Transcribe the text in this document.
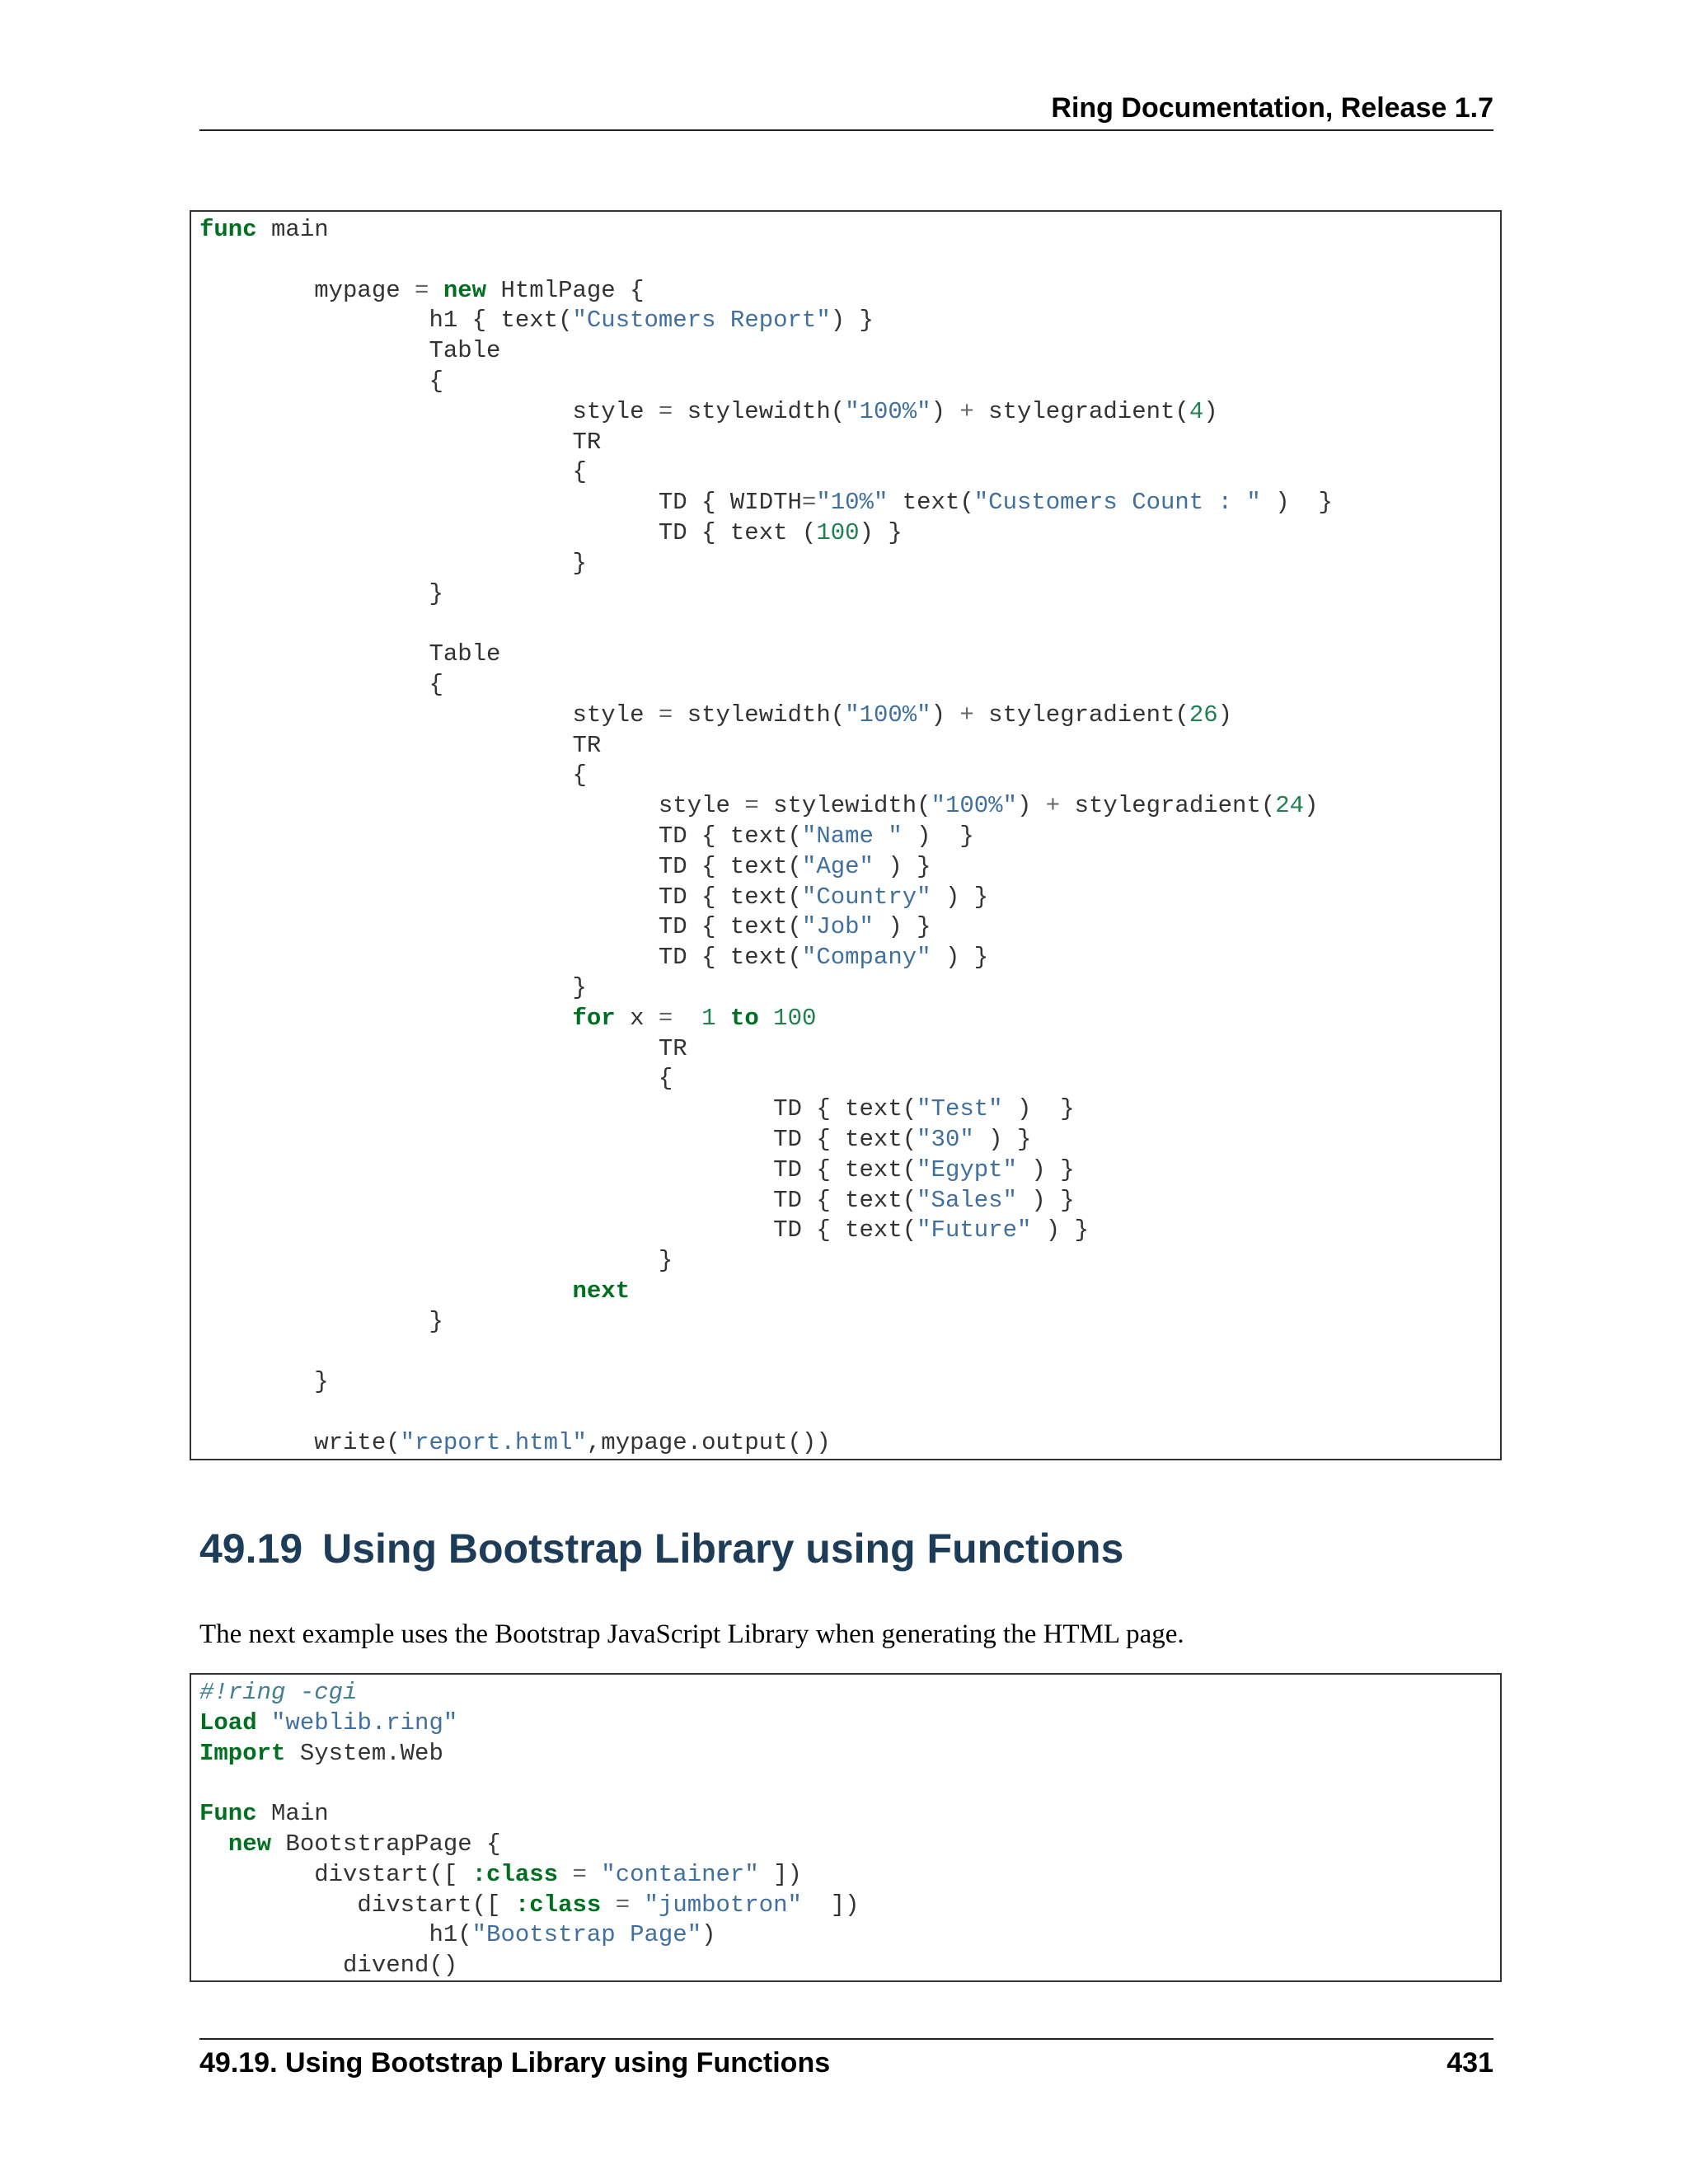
Ring Documentation, Release 1.7
func main

mypage = new HtmlPage {
h1 { text("Customers Report") }
Table
{
style = stylewidth("100%") + stylegradient(4)
TR
{
TD { WIDTH="10%" text("Customers Count : " )  }
TD { text (100) }
}
}

Table
{
style = stylewidth("100%") + stylegradient(26)
TR
{
style = stylewidth("100%") + stylegradient(24)
TD { text("Name " )  }
TD { text("Age" ) }
TD { text("Country" ) }
TD { text("Job" ) }
TD { text("Company" ) }
}
for x = 1 to 100
TR
{
TD { text("Test" )  }
TD { text("30" ) }
TD { text("Egypt" ) }
TD { text("Sales" ) }
TD { text("Future" ) }
}
next
}

}

write("report.html",mypage.output())
49.19 Using Bootstrap Library using Functions
The next example uses the Bootstrap JavaScript Library when generating the HTML page.
#!ring -cgi
Load "weblib.ring"
Import System.Web

Func Main
new BootstrapPage {
divstart([ :class = "container" ])
divstart([ :class = "jumbotron"  ])
h1("Bootstrap Page")
divend()
49.19. Using Bootstrap Library using Functions	431
